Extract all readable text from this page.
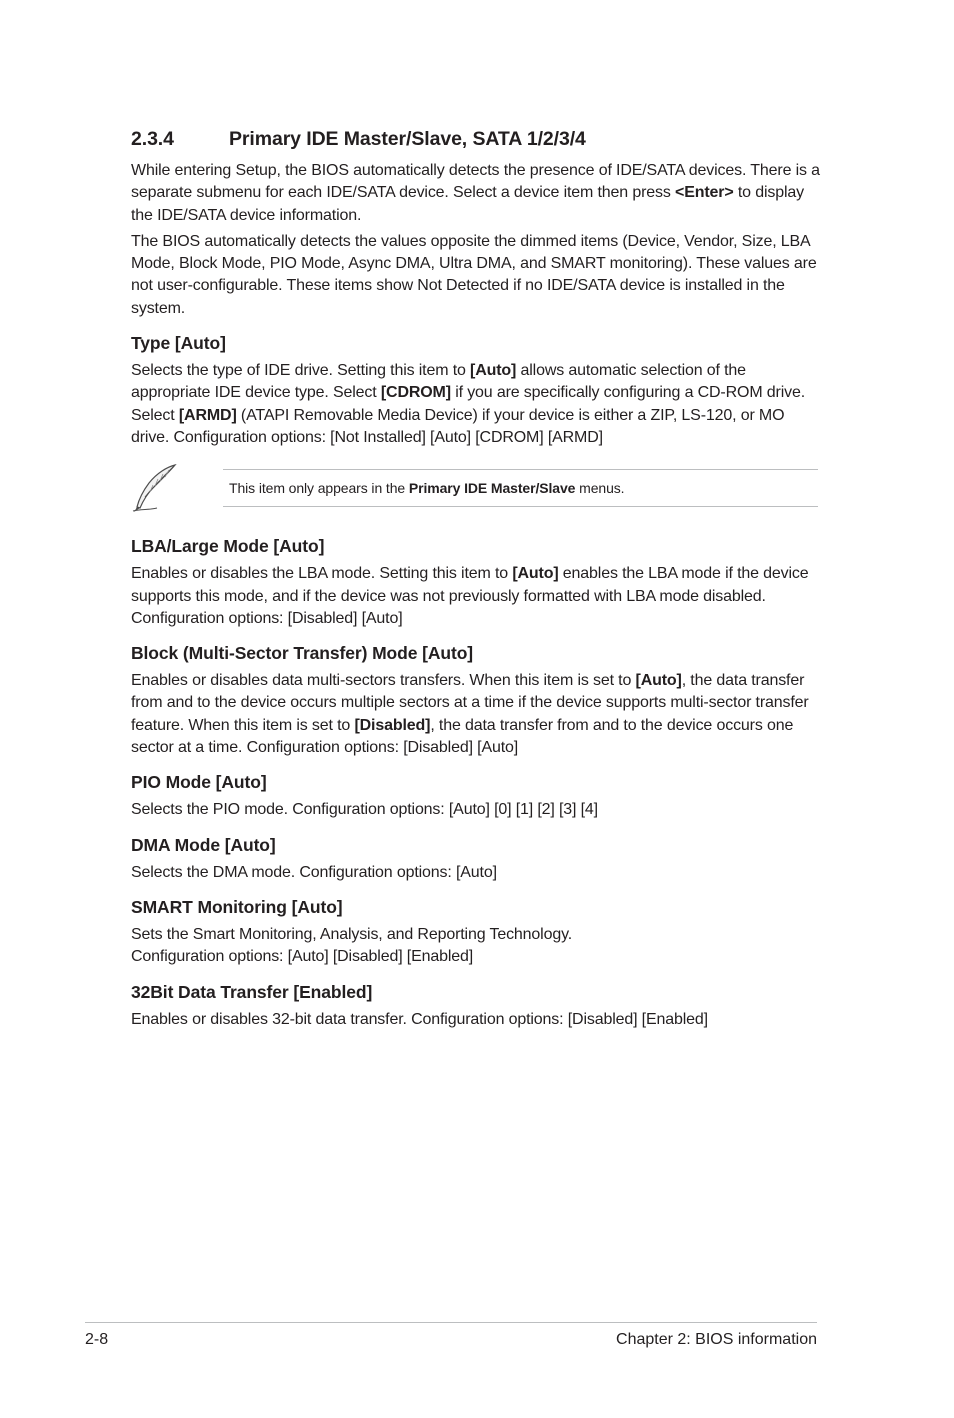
2.3.4	Primary IDE Master/Slave, SATA 1/2/3/4

While entering Setup, the BIOS automatically detects the presence of IDE/SATA devices. There is a separate submenu for each IDE/SATA device. Select a device item then press <Enter> to display the IDE/SATA device information.

The BIOS automatically detects the values opposite the dimmed items (Device, Vendor, Size, LBA Mode, Block Mode, PIO Mode, Async DMA, Ultra DMA, and SMART monitoring). These values are not user-configurable. These items show Not Detected if no IDE/SATA device is installed in the system.

Type [Auto]

Selects the type of IDE drive. Setting this item to [Auto] allows automatic selection of the appropriate IDE device type. Select [CDROM] if you are specifically configuring a CD-ROM drive. Select [ARMD] (ATAPI Removable Media Device) if your device is either a ZIP, LS-120, or MO drive. Configuration options: [Not Installed] [Auto] [CDROM] [ARMD]

This item only appears in the Primary IDE Master/Slave menus.
LBA/Large Mode [Auto]

Enables or disables the LBA mode. Setting this item to [Auto] enables the LBA mode if the device supports this mode, and if the device was not previously formatted with LBA mode disabled. Configuration options: [Disabled] [Auto]

Block (Multi-Sector Transfer) Mode [Auto]

Enables or disables data multi-sectors transfers. When this item is set to [Auto], the data transfer from and to the device occurs multiple sectors at a time if the device supports multi-sector transfer feature. When this item is set to [Disabled], the data transfer from and to the device occurs one sector at a time. Configuration options: [Disabled] [Auto]

PIO Mode [Auto]

Selects the PIO mode. Configuration options: [Auto] [0] [1] [2] [3] [4]

DMA Mode [Auto]

Selects the DMA mode. Configuration options: [Auto]

SMART Monitoring [Auto]

Sets the Smart Monitoring, Analysis, and Reporting Technology.
Configuration options: [Auto] [Disabled] [Enabled]

32Bit Data Transfer [Enabled]

Enables or disables 32-bit data transfer. Configuration options: [Disabled] [Enabled]

2-8	Chapter 2: BIOS information
